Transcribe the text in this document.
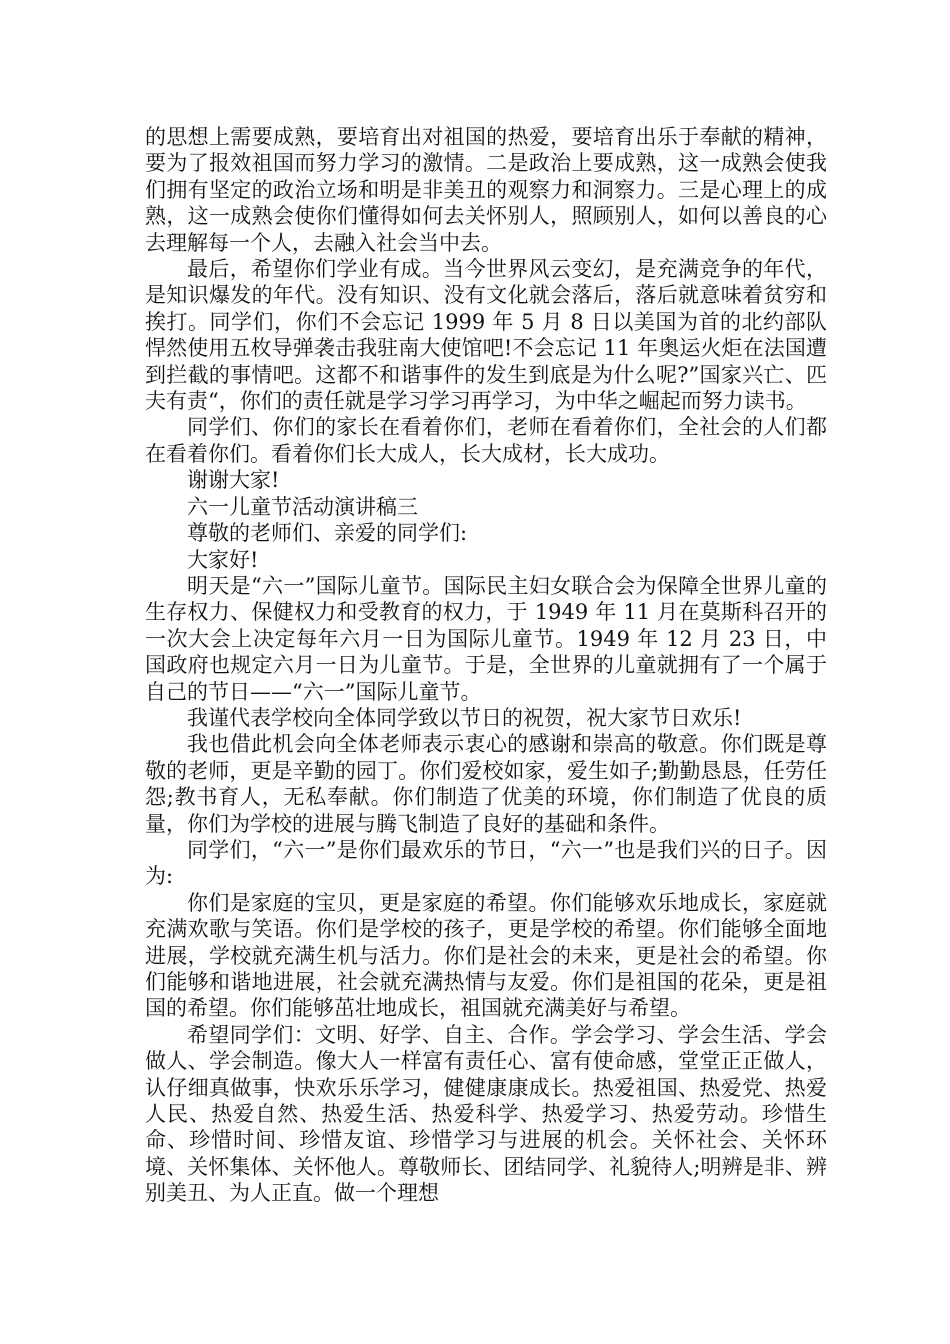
的思想上需要成熟，要培育出对祖国的热爱，要培育出乐于奉献的精神，要为了报效祖国而努力学习的激情。二是政治上要成熟，这一成熟会使我们拥有坚定的政治立场和明是非美丑的观察力和洞察力。三是心理上的成熟，这一成熟会使你们懂得如何去关怀别人，照顾别人，如何以善良的心去理解每一个人，去融入社会当中去。

最后，希望你们学业有成。当今世界风云变幻，是充满竞争的年代，是知识爆发的年代。没有知识、没有文化就会落后，落后就意味着贫穷和挨打。同学们，你们不会忘记 1999 年 5 月 8 日以美国为首的北约部队悍然使用五枚导弹袭击我驻南大使馆吧!不会忘记 11 年奥运火炬在法国遭到拦截的事情吧。这都不和谐事件的发生到底是为什么呢?”国家兴亡、匹夫有责“，你们的责任就是学习学习再学习，为中华之崛起而努力读书。

同学们、你们的家长在看着你们，老师在看着你们，全社会的人们都在看着你们。看着你们长大成人，长大成材，长大成功。

谢谢大家!

六一儿童节活动演讲稿三

尊敬的老师们、亲爱的同学们:

大家好!

明天是“六一”国际儿童节。国际民主妇女联合会为保障全世界儿童的生存权力、保健权力和受教育的权力，于 1949 年 11 月在莫斯科召开的一次大会上决定每年六月一日为国际儿童节。1949 年 12 月 23 日，中国政府也规定六月一日为儿童节。于是，全世界的儿童就拥有了一个属于自己的节日——“六一”国际儿童节。

我谨代表学校向全体同学致以节日的祝贺，祝大家节日欢乐!

我也借此机会向全体老师表示衷心的感谢和崇高的敬意。你们既是尊敬的老师，更是辛勤的园丁。你们爱校如家，爱生如子;勤勤恳恳，任劳任怨;教书育人，无私奉献。你们制造了优美的环境，你们制造了优良的质量，你们为学校的进展与腾飞制造了良好的基础和条件。

同学们，“六一”是你们最欢乐的节日，“六一”也是我们兴的日子。因为:

你们是家庭的宝贝，更是家庭的希望。你们能够欢乐地成长，家庭就充满欢歌与笑语。你们是学校的孩子，更是学校的希望。你们能够全面地进展，学校就充满生机与活力。你们是社会的未来，更是社会的希望。你们能够和谐地进展，社会就充满热情与友爱。你们是祖国的花朵，更是祖国的希望。你们能够茁壮地成长，祖国就充满美好与希望。

希望同学们：文明、好学、自主、合作。学会学习、学会生活、学会做人、学会制造。像大人一样富有责任心、富有使命感，堂堂正正做人，认仔细真做事，快欢乐乐学习，健健康康成长。热爱祖国、热爱党、热爱人民、热爱自然、热爱生活、热爱科学、热爱学习、热爱劳动。珍惜生命、珍惜时间、珍惜友谊、珍惜学习与进展的机会。关怀社会、关怀环境、关怀集体、关怀他人。尊敬师长、团结同学、礼貌待人;明辨是非、辨别美丑、为人正直。做一个理想
